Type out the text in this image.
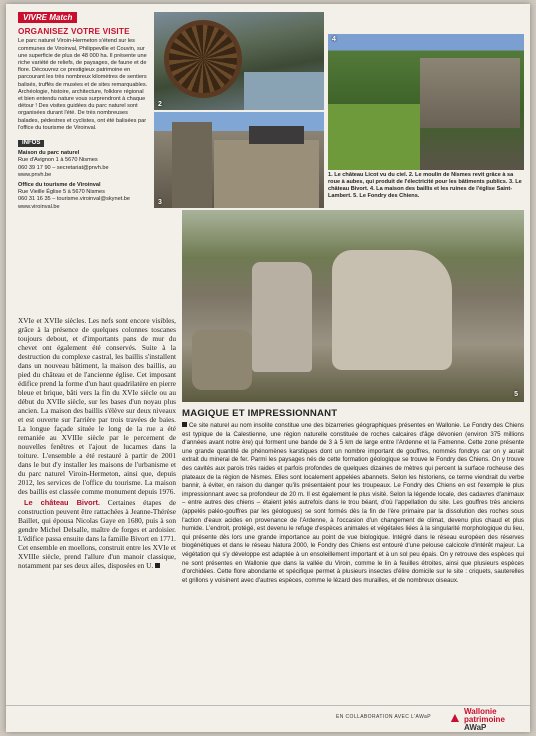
VIVRE Match
ORGANISEZ VOTRE VISITE

Le parc naturel Viroin-Hermeton s'étend sur les communes de Viroinval, Philippeville et Couvin, sur une superficie de plus de 48 000 ha. Il présente une riche variété de reliefs, de paysages, de faune et de flore. Découvrez ce prestigieux patrimoine en parcourant les très nombreux kilomètres de sentiers balisés, truffés de musées et de sites remarquables. Archéologie, histoire, architecture, folklore régional et bien entendu nature vous surprendront à chaque détour ! Des visites guidées du parc naturel sont organisées durant l'été. De très nombreuses balades, pédestres et cyclistes, ont été balisées par l'office du tourisme de Viroinval.

INFOS
Maison du parc naturel
Rue d'Avignon 1 à 5670 Nismes
060 39 17 90 – secretariat@pnvh.be
www.pnvh.be
Office du tourisme de Viroinval
Rue Vieille Église 5 à 5670 Nismes
060 31 16 35 – tourisme.viroinval@skynet.be
www.viroinval.be
2
3
4
1. Le château Licot vu du ciel. 2. Le moulin de Nismes revit grâce à sa roue à aubes, qui produit de l'électricité pour les bâtiments publics. 3. Le château Bivort. 4. La maison des baillis et les ruines de l'église Saint-Lambert. 5. Le Fondry des Chiens.
5

XVIe et XVIIe siècles. Les nefs sont encore visibles, grâce à la présence de quelques colonnes toscanes toujours debout, et d'importants pans de mur du chevet ont également été conservés. Suite à la destruction du complexe castral, les baillis s'installent dans un nouveau bâtiment, la maison des baillis, au pied du château et de l'ancienne église. Cet imposant édifice prend la forme d'un haut quadrilatère en pierre bleue et brique, bâti vers la fin du XVIe siècle ou au début du XVIIe siècle, sur les bases d'un noyau plus ancien. La maison des baillis s'élève sur deux niveaux et est ouverte sur l'arrière par trois travées de baies. La longue façade située le long de la rue a été remaniée au XVIIIe siècle par le percement de nouvelles fenêtres et l'ajout de lucarnes dans la toiture. L'ensemble a été restauré à partir de 2001 dans le but d'y installer les maisons de l'urbanisme et du parc naturel Viroin-Hermeton, ainsi que, depuis 2012, les services de l'office du tourisme. La maison des baillis est classée comme monument depuis 1976.

Le château Bivort. Certaines étapes de construction peuvent être rattachées à Jeanne-Thérèse Baillet, qui épousa Nicolas Gaye en 1680, puis à son gendre Michel Delsalle, maître de forges et ardoisier. L'édifice passa ensuite dans la famille Bivort en 1771. Cet ensemble en moellons, construit entre les XVIe et XVIIIe siècle, prend l'allure d'un manoir classique, notamment par ses deux ailes, disposées en U.

MAGIQUE ET IMPRESSIONNANT

Ce site naturel au nom insolite constitue une des bizarreries géographiques présentes en Wallonie. Le Fondry des Chiens est typique de la Calestienne, une région naturelle constituée de roches calcaires d'âge dévonien (environ 375 millions d'années avant notre ère) qui forment une bande de 3 à 5 km de large entre l'Ardenne et la Famenne. Cette zone présente une grande quantité de phénomènes karstiques dont un nombre important de gouffres, nommés fondrys car on y aurait extrait du minerai de fer. Parmi les paysages nés de cette formation géologique se trouve le Fondry des Chiens. On y trouve des cavités aux parois très raides et parfois profondes de quelques dizaines de mètres qui percent la surface rocheuse des plateaux de la région de Nismes. Elles sont localement appelées abannets. Selon les historiens, ce terme viendrait du verbe bannir, à éviter, en raison du danger qu'ils présentaient pour les troupeaux. Le Fondry des Chiens en est l'exemple le plus impressionnant avec sa profondeur de 20 m. Il est également le plus visité. Selon la légende locale, des cadavres d'animaux – entre autres des chiens – étaient jetés autrefois dans le trou béant, d'où l'appellation du site. Les gouffres très anciens (appelés paléo-gouffres par les géologues) se sont formés dès la fin de l'ère primaire par la dissolution des roches sous l'action d'eaux acides en provenance de l'Ardenne, à l'occasion d'un changement de climat, devenu plus chaud et plus humide. L'endroit, protégé, est devenu le refuge d'espèces animales et végétales liées à la singularité morphologique du lieu, qui présente dès lors une grande importance au point de vue biologique. Intégré dans le réseau européen des réserves biogénétiques et dans le réseau Natura 2000, le Fondry des Chiens est entouré d'une pelouse calcicole d'intérêt majeur. La végétation qui s'y développe est adaptée à un ensoleillement important et à un sol peu épais. On y retrouve des espèces qui ne sont présentes en Wallonie que dans la vallée du Viroin, comme le lin à feuilles étroites, ainsi que plusieurs espèces d'orchidées. Cette flore abondante et spécifique permet à plusieurs insectes d'élire domicile sur le site : criquets, sauterelles et grillons y voisinent avec d'autres espèces, comme le lézard des murailles, et de nombreux oiseaux.

EN COLLABORATION AVEC L'AWaP ▲ Wallonie
patrimoine
AWaP
